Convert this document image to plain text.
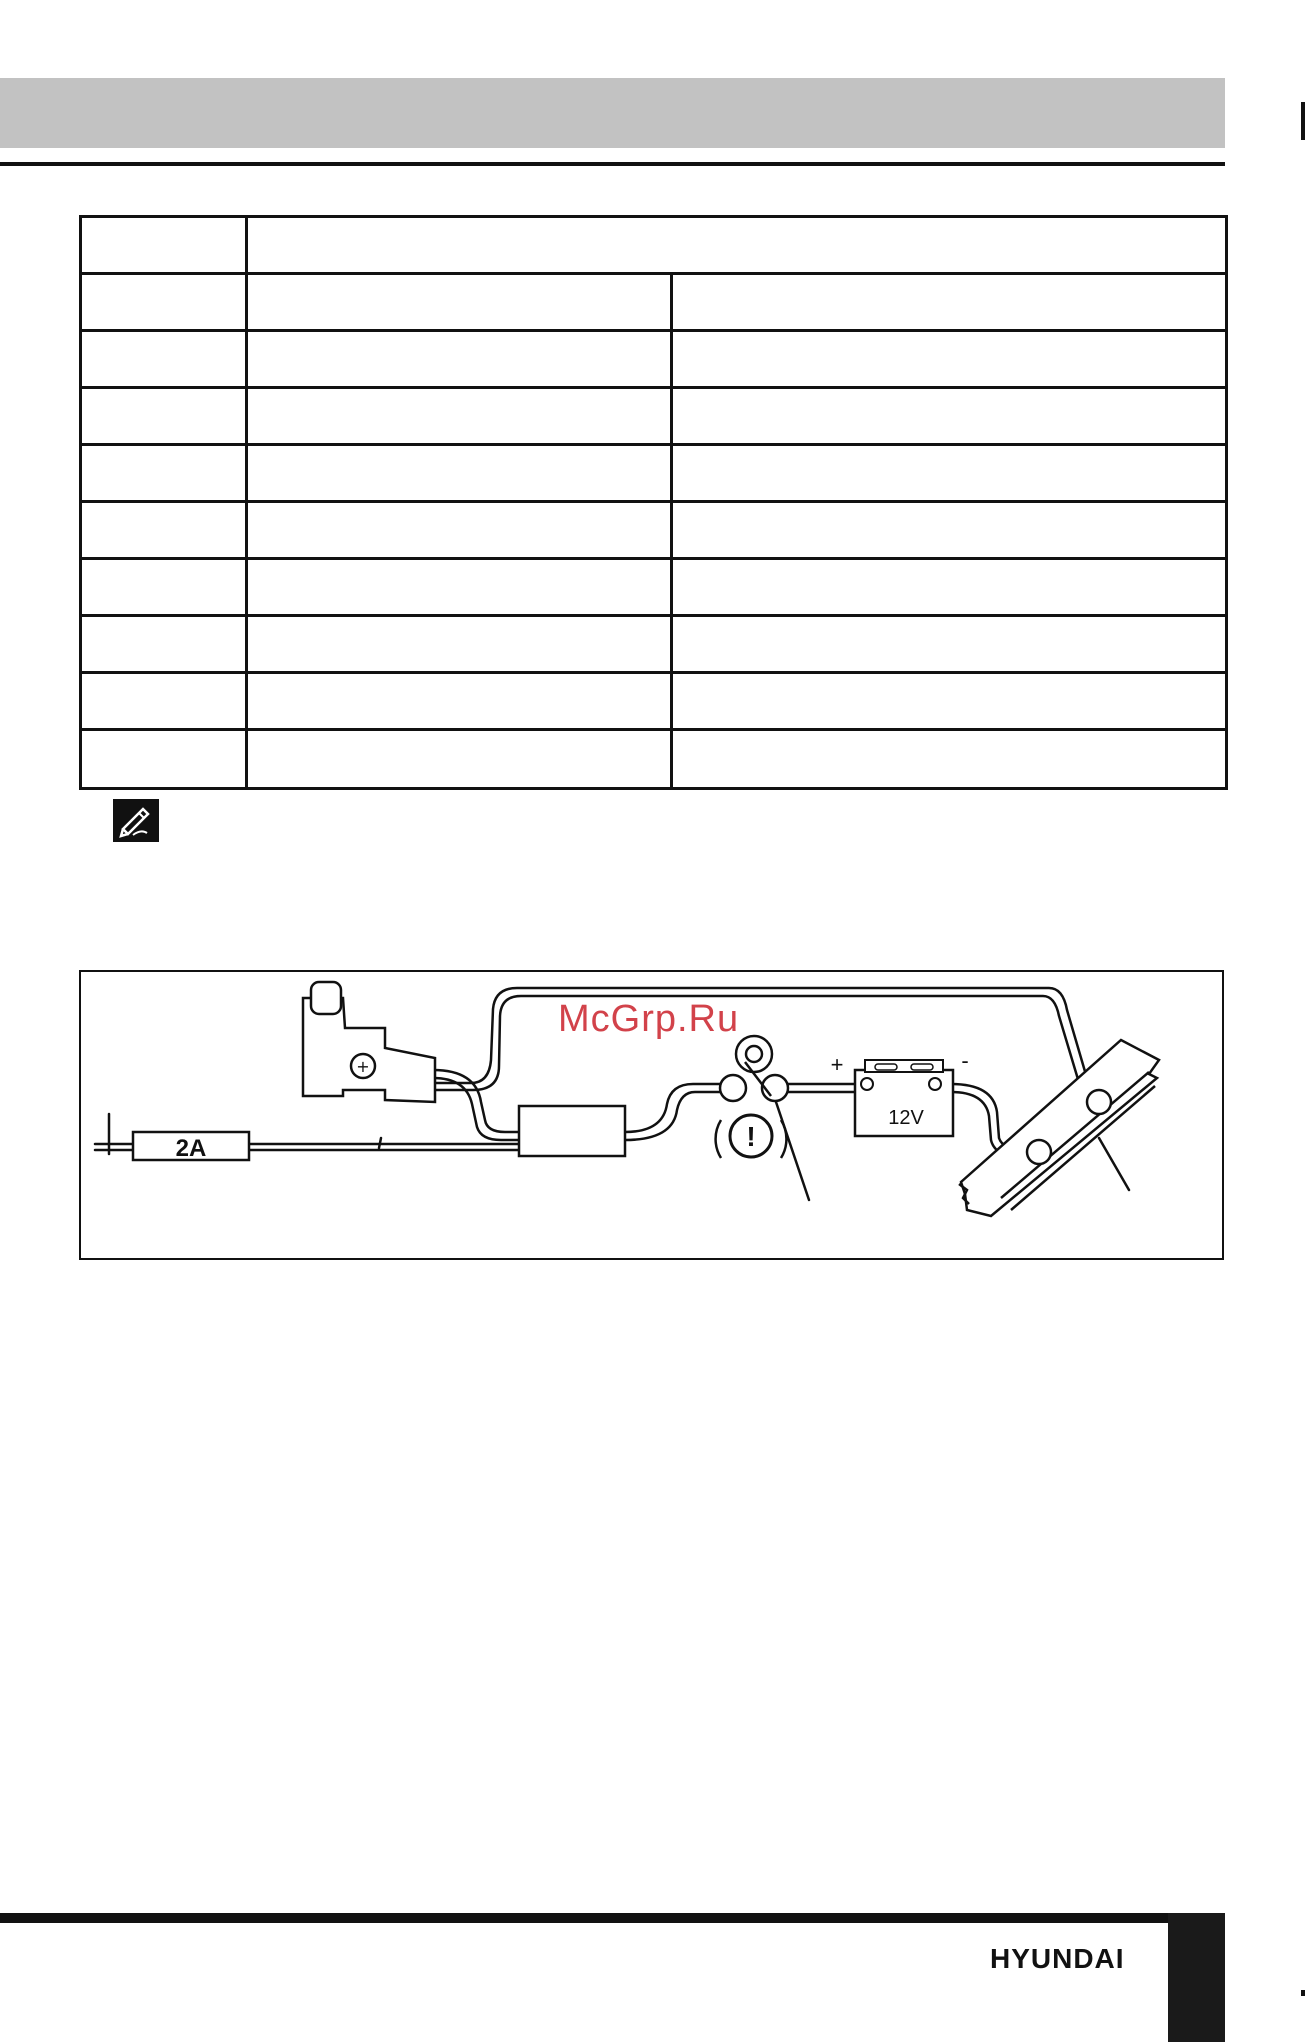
+
2A	!
12V
+	-
McGrp.Ru
HYUNDAI
